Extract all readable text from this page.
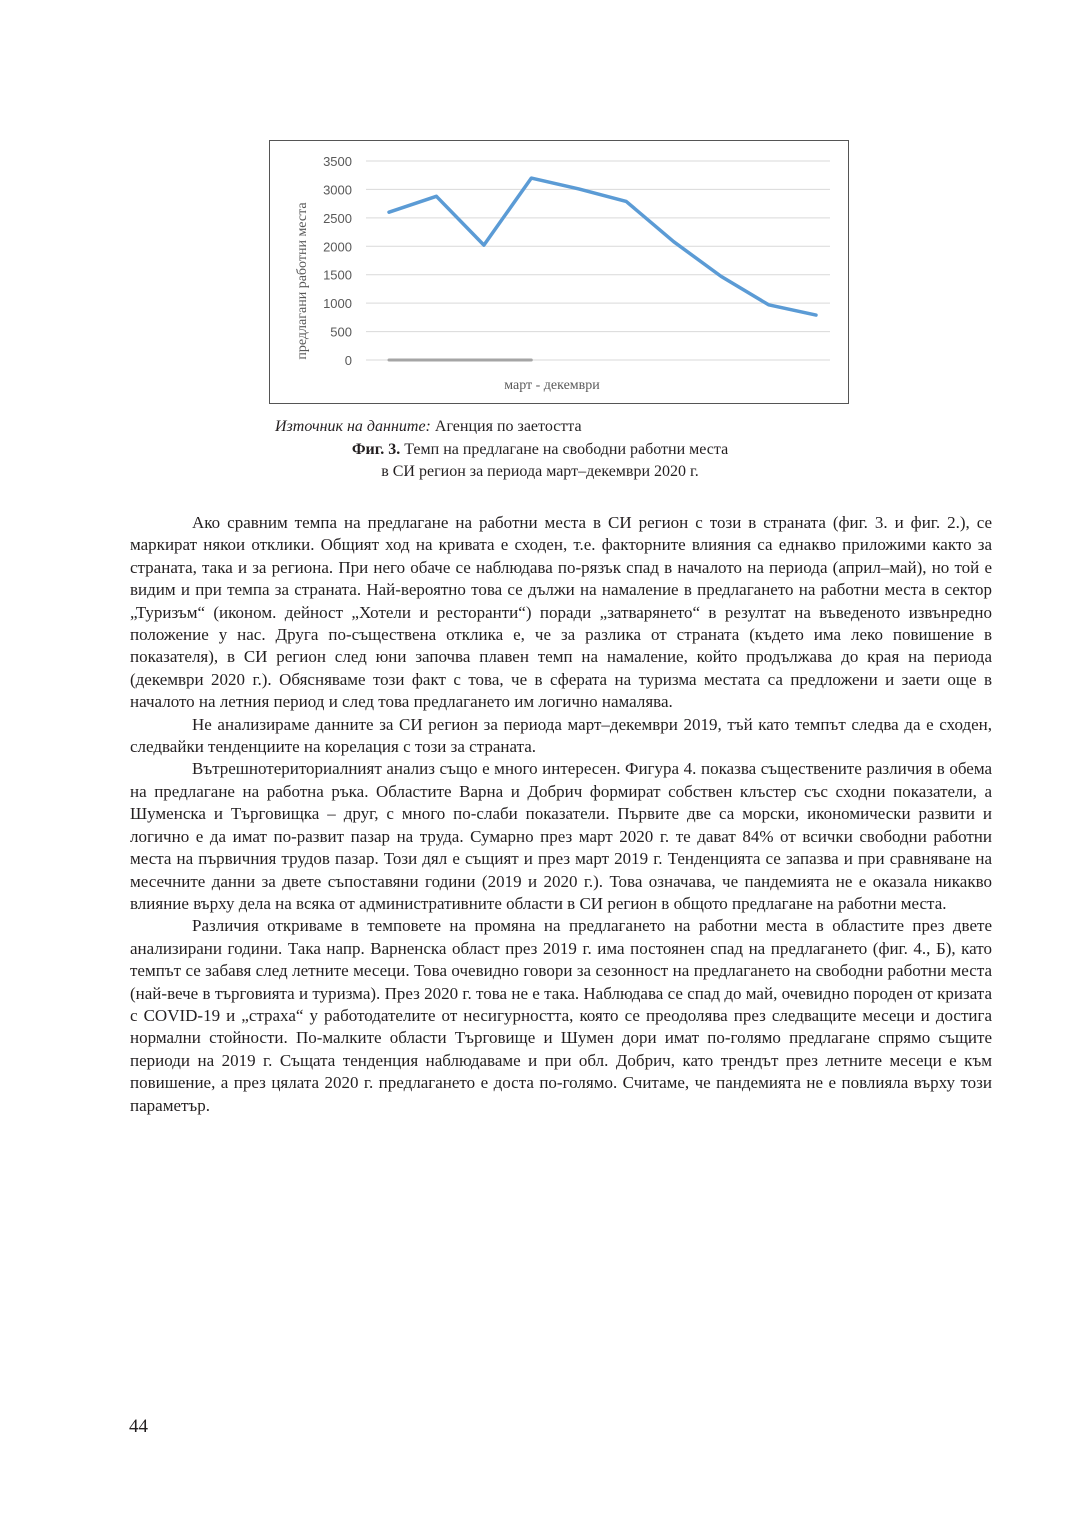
0
500
1000
1500
2000
2500
3000
3500
предлагани работни места
март - декември
Източник на данните: Агенция по заетостта
Фиг. 3. Темп на предлагане на свободни работни места
в СИ регион за периода март–декември 2020 г.

Ако сравним темпа на предлагане на работни места в СИ регион с този в страната (фиг. 3. и фиг. 2.), се маркират някои отклики. Общият ход на кривата е сходен, т.е. факторните влияния са еднакво приложими както за страната, така и за региона. При него обаче се наблюдава по-рязък спад в началото на периода (април–май), но той е видим и при темпа за страната. Най-вероятно това се дължи на намаление в предлагането на работни места в сектор „Туризъм“ (иконом. дейност „Хотели и ресторанти“) поради „затварянето“ в резултат на въведеното извънредно положение у нас. Друга по-съществена отклика е, че за разлика от страната (където има леко повишение в показателя), в СИ регион след юни започва плавен темп на намаление, който продължава до края на периода (декември 2020 г.). Обясняваме този факт с това, че в сферата на туризма местата са предложени и заети още в началото на летния период и след това предлагането им логично намалява.

Не анализираме данните за СИ регион за периода март–декември 2019, тъй като темпът следва да е сходен, следвайки тенденциите на корелация с този за страната.

Вътрешнотериториалният анализ също е много интересен. Фигура 4. показва съществените различия в обема на предлагане на работна ръка. Областите Варна и Добрич формират собствен клъстер със сходни показатели, а Шуменска и Търговищка – друг, с много по-слаби показатели. Първите две са морски, икономически развити и логично е да имат по-развит пазар на труда. Сумарно през март 2020 г. те дават 84% от всички свободни работни места на първичния трудов пазар. Този дял е същият и през март 2019 г. Тенденцията се запазва и при сравняване на месечните данни за двете съпоставяни години (2019 и 2020 г.). Това означава, че пандемията не е оказала никакво влияние върху дела на всяка от административните области в СИ регион в общото предлагане на работни места.

Различия откриваме в темповете на промяна на предлагането на работни места в областите през двете анализирани години. Така напр. Варненска област през 2019 г. има постоянен спад на предлагането (фиг. 4., Б), като темпът се забавя след летните месеци. Това очевидно говори за сезонност на предлагането на свободни работни места (най-вече в търговията и туризма). През 2020 г. това не е така. Наблюдава се спад до май, очевидно породен от кризата с COVID-19 и „страха“ у работодателите от несигурността, която се преодолява през следващите месеци и достига нормални стойности. По-малките области Търговище и Шумен дори имат по-голямо предлагане спрямо същите периоди на 2019 г. Същата тенденция наблюдаваме и при обл. Добрич, като трендът през летните месеци е към повишение, а през цялата 2020 г. предлагането е доста по-голямо. Считаме, че пандемията не е повлияла върху този параметър.

44
